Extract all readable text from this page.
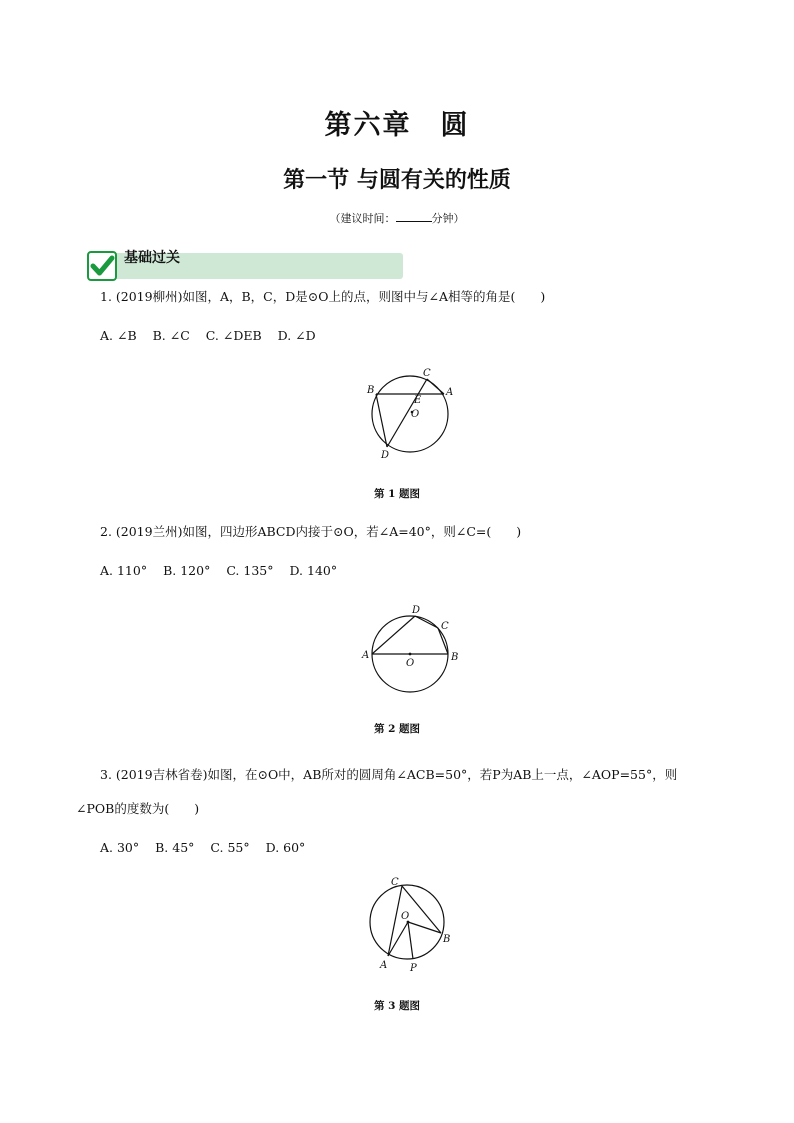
第六章　圆
第一节 与圆有关的性质
（建议时间：	分钟）
基础过关
1. (2019柳州)如图，A，B，C，D是⊙O上的点，则图中与∠A相等的角是(　　)
A. ∠B B. ∠C C. ∠DEB D. ∠D
B
C
A
E
O
D
第 1 题图
2. (2019兰州)如图，四边形ABCD内接于⊙O，若∠A=40°，则∠C=(　　)
A. 110° B. 120° C. 135° D. 140°
D
C
A
O
B
第 2 题图
3. (2019吉林省卷)如图，在⊙O中，AB所对的圆周角∠ACB=50°，若P为AB上一点，∠AOP=55°，则
∠POB的度数为(　　)
A. 30° B. 45° C. 55° D. 60°
C
O
B
A P
第 3 题图
